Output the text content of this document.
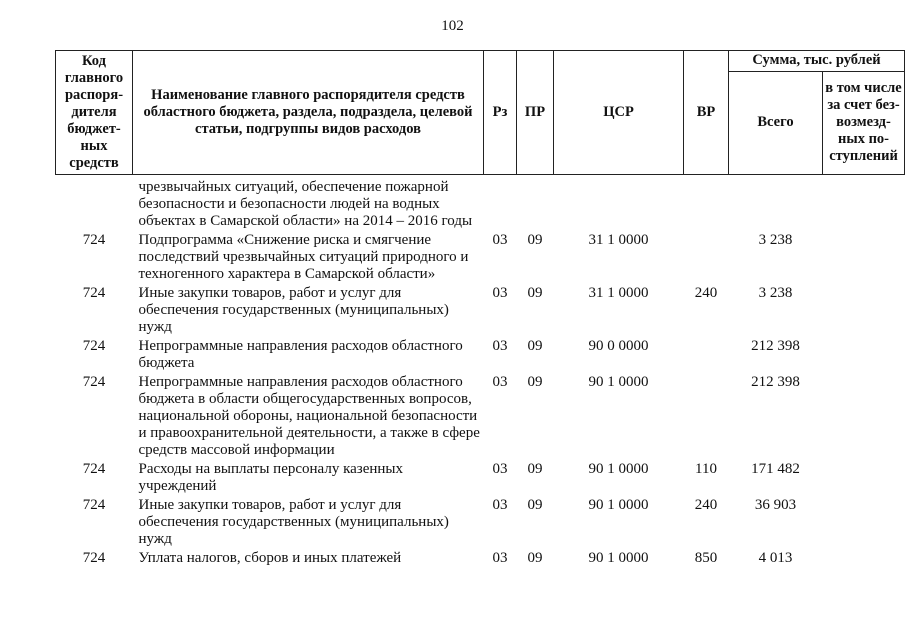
102
Код главного распоря-дителя бюджет-ных средств	Наименование главного распорядителя средств областного бюджета, раздела, подраздела, целевой статьи, подгруппы видов расходов	Рз	ПР	ЦСР	ВР	Сумма, тыс. рублей	
						Всего	в том числе за счет без-возмезд-ных по-ступлений
	чрезвычайных ситуаций, обеспечение пожарной безопасности и безопасности людей на водных объектах в Самарской области» на 2014 – 2016 годы						
724	Подпрограмма «Снижение риска и смягчение последствий чрезвычайных ситуаций природного и техногенного характера в Самарской области»	03	09	31 1 0000		3 238	
724	Иные закупки товаров, работ и услуг для обеспечения государственных (муниципальных) нужд	03	09	31 1 0000	240	3 238	
724	Непрограммные направления расходов областного бюджета	03	09	90 0 0000		212 398	
724	Непрограммные направления расходов областного бюджета в области общегосударственных вопросов, национальной обороны, национальной безопасности и правоохранительной деятельности, а также в сфере средств массовой информации	03	09	90 1 0000		212 398	
724	Расходы на выплаты персоналу казенных учреждений	03	09	90 1 0000	110	171 482	
724	Иные закупки товаров, работ и услуг для обеспечения государственных (муниципальных) нужд	03	09	90 1 0000	240	36 903	
724	Уплата налогов, сборов и иных платежей	03	09	90 1 0000	850	4 013	
